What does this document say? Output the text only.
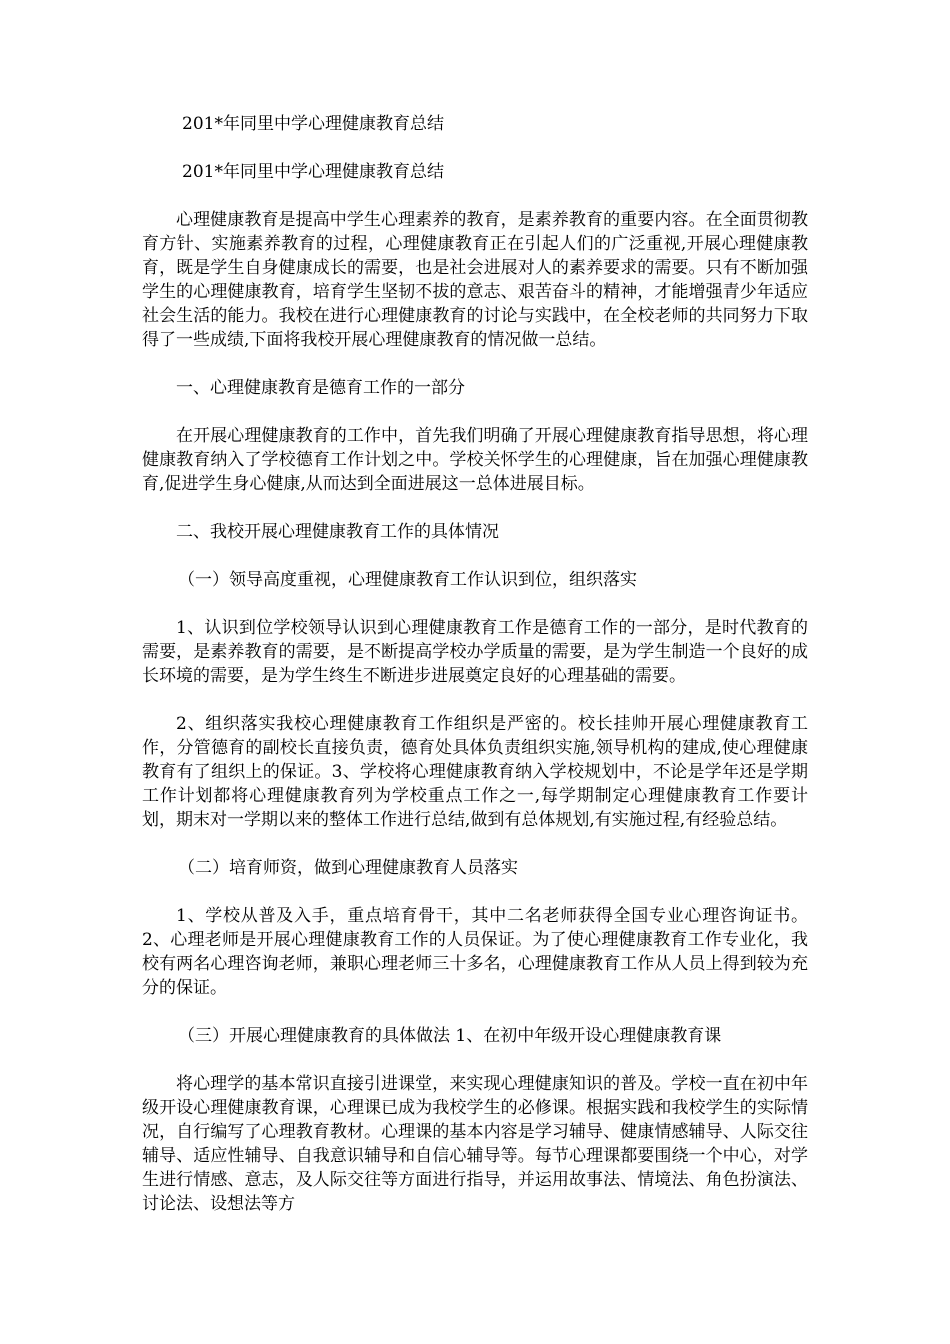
201*年同里中学心理健康教育总结

201*年同里中学心理健康教育总结

心理健康教育是提高中学生心理素养的教育，是素养教育的重要内容。在全面贯彻教育方针、实施素养教育的过程，心理健康教育正在引起人们的广泛重视,开展心理健康教育，既是学生自身健康成长的需要，也是社会进展对人的素养要求的需要。只有不断加强学生的心理健康教育，培育学生坚韧不拔的意志、艰苦奋斗的精神，才能增强青少年适应社会生活的能力。我校在进行心理健康教育的讨论与实践中，在全校老师的共同努力下取得了一些成绩,下面将我校开展心理健康教育的情况做一总结。

一、心理健康教育是德育工作的一部分

在开展心理健康教育的工作中，首先我们明确了开展心理健康教育指导思想，将心理健康教育纳入了学校德育工作计划之中。学校关怀学生的心理健康，旨在加强心理健康教育,促进学生身心健康,从而达到全面进展这一总体进展目标。

二、我校开展心理健康教育工作的具体情况

（一）领导高度重视，心理健康教育工作认识到位，组织落实

1、认识到位学校领导认识到心理健康教育工作是德育工作的一部分，是时代教育的需要，是素养教育的需要，是不断提高学校办学质量的需要，是为学生制造一个良好的成长环境的需要，是为学生终生不断进步进展奠定良好的心理基础的需要。

2、组织落实我校心理健康教育工作组织是严密的。校长挂帅开展心理健康教育工作，分管德育的副校长直接负责，德育处具体负责组织实施,领导机构的建成,使心理健康教育有了组织上的保证。3、学校将心理健康教育纳入学校规划中，不论是学年还是学期工作计划都将心理健康教育列为学校重点工作之一,每学期制定心理健康教育工作要计划，期末对一学期以来的整体工作进行总结,做到有总体规划,有实施过程,有经验总结。

（二）培育师资，做到心理健康教育人员落实

1、学校从普及入手，重点培育骨干，其中二名老师获得全国专业心理咨询证书。2、心理老师是开展心理健康教育工作的人员保证。为了使心理健康教育工作专业化，我校有两名心理咨询老师，兼职心理老师三十多名，心理健康教育工作从人员上得到较为充分的保证。

（三）开展心理健康教育的具体做法 1、在初中年级开设心理健康教育课

将心理学的基本常识直接引进课堂，来实现心理健康知识的普及。学校一直在初中年级开设心理健康教育课，心理课已成为我校学生的必修课。根据实践和我校学生的实际情况，自行编写了心理教育教材。心理课的基本内容是学习辅导、健康情感辅导、人际交往辅导、适应性辅导、自我意识辅导和自信心辅导等。每节心理课都要围绕一个中心，对学生进行情感、意志，及人际交往等方面进行指导，并运用故事法、情境法、角色扮演法、讨论法、设想法等方
